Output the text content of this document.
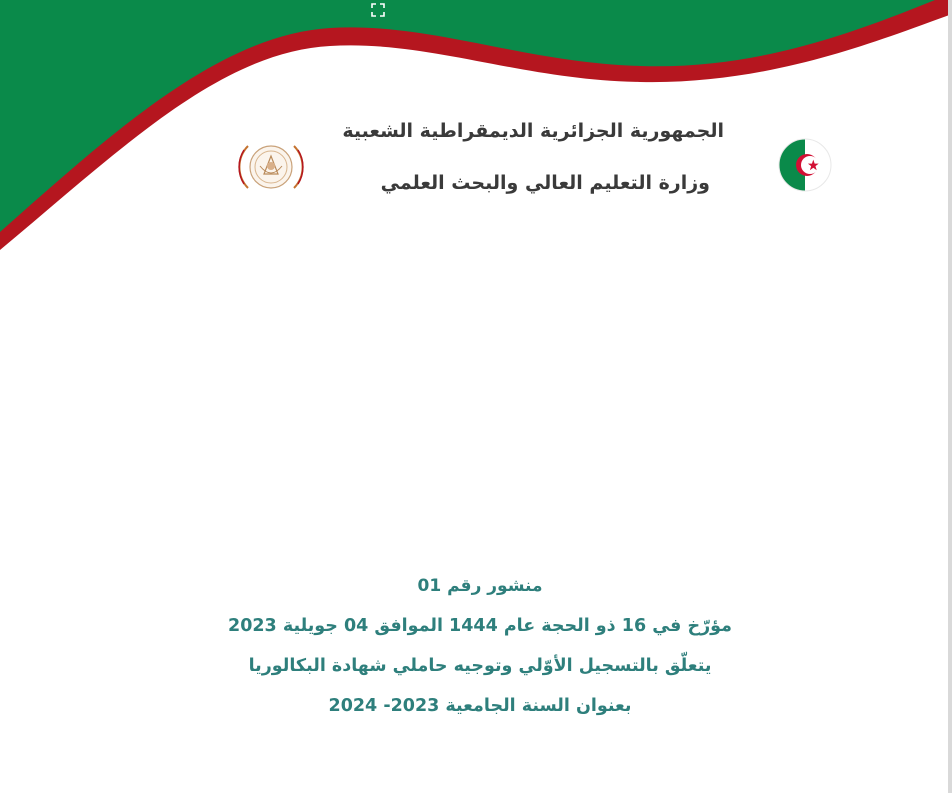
الجمهورية الجزائرية الديمقراطية الشعبية
وزارة التعليم العالي والبحث العلمي
منشور رقم 01
مؤرّخ في 16 ذو الحجة عام 1444 الموافق 04 جويلية 2023
يتعلّق بالتسجيل الأوّلي وتوجيه حاملي شهادة البكالوريا
بعنوان السنة الجامعية 2023- 2024
